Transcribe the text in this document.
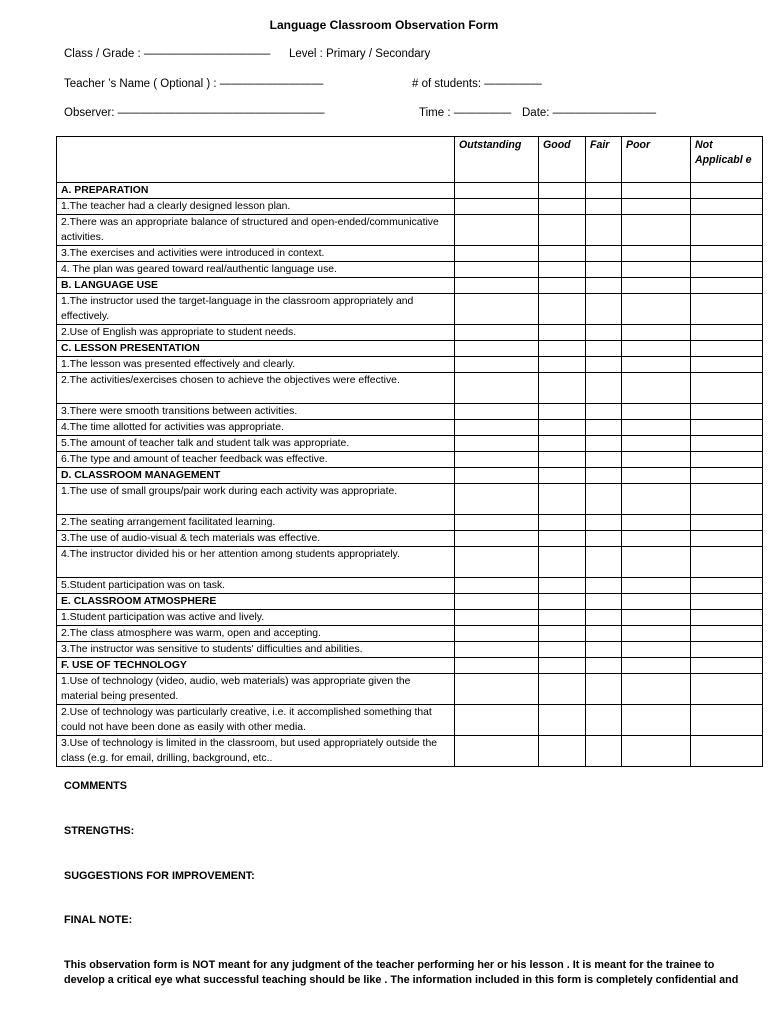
Language Classroom Observation Form
Class / Grade : ——————————— Level : Primary / Secondary
Teacher ’s Name ( Optional ) : —————————	# of students: —————
Observer: ——————————————————	Time : ————— Date: —————————
	Outstanding	Good	Fair	Poor	Not Applicabl e
A. PREPARATION					
1.The teacher had a clearly designed lesson plan.					
2.There was an appropriate balance of structured and open-ended/communicative activities.					
3.The exercises and activities were introduced in context.					
4. The plan was geared toward real/authentic language use.					
B. LANGUAGE USE					
1.The instructor used the target-language in the classroom appropriately and effectively.					
2.Use of English was appropriate to student needs.					
C. LESSON PRESENTATION					
1.The lesson was presented effectively and clearly.					
2.The activities/exercises chosen to achieve the objectives were effective.					
3.There were smooth transitions between activities.					
4.The time allotted for activities was appropriate.					
5.The amount of teacher talk and student talk was appropriate.					
6.The type and amount of teacher feedback was effective.					
D. CLASSROOM MANAGEMENT					
1.The use of small groups/pair work during each activity was appropriate.					
2.The seating arrangement facilitated learning.					
3.The use of audio-visual & tech materials was effective.					
4.The instructor divided his or her attention among students appropriately.					
5.Student participation was on task.					
E. CLASSROOM ATMOSPHERE					
1.Student participation was active and lively.					
2.The class atmosphere was warm, open and accepting.					
3.The instructor was sensitive to students' difficulties and abilities.					
F. USE OF TECHNOLOGY					
1.Use of technology (video, audio, web materials) was appropriate given the material being presented.					
2.Use of technology was particularly creative, i.e. it accomplished something that could not have been done as easily with other media.					
3.Use of technology is limited in the classroom, but used appropriately outside the class (e.g. for email, drilling, background, etc..					
COMMENTS
STRENGTHS:
SUGGESTIONS FOR IMPROVEMENT:
FINAL NOTE:
This observation form is NOT meant for any judgment of the teacher performing her or his lesson . It is meant for the trainee to
develop a critical eye what successful teaching should be like . The information included in this form is completely confidential and
